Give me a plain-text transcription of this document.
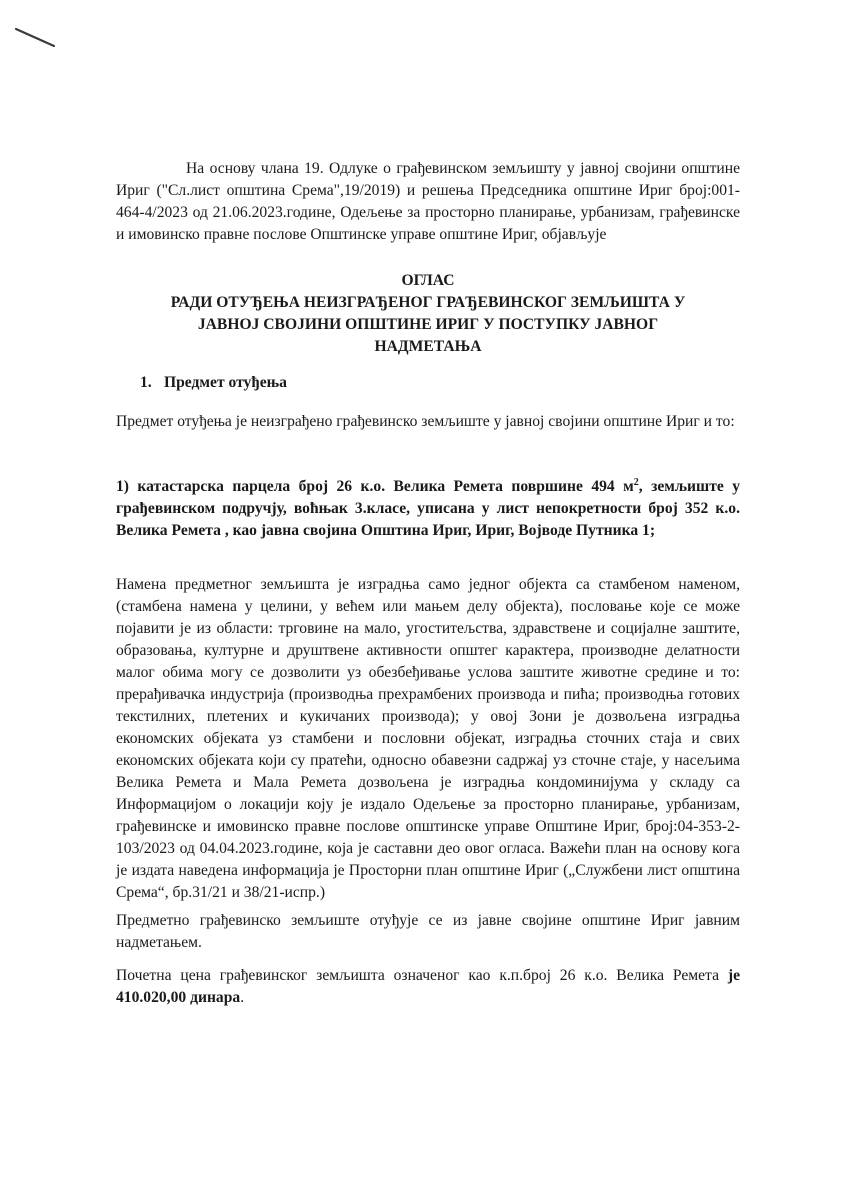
На основу члана 19. Одлуке о грађевинском земљишту у јавној својини општине Ириг ("Сл.лист општина Срема",19/2019) и решења Председника општине Ириг број:001-464-4/2023 од 21.06.2023.године, Одељење за просторно планирање, урбанизам, грађевинске и имовинско правне послове Општинске управе општине Ириг, објављује

ОГЛАС
РАДИ ОТУЂЕЊА НЕИЗГРАЂЕНОГ ГРАЂЕВИНСКОГ ЗЕМЉИШТА У
ЈАВНОЈ СВОЈИНИ ОПШТИНЕ ИРИГ У ПОСТУПКУ ЈАВНОГ
НАДМЕТАЊА
1. Предмет отуђења

Предмет отуђења је неизграђено грађевинско земљиште у јавној својини општине Ириг и то:

1) катастарска парцела број 26 к.о. Велика Ремета површине 494 $м^2$, земљиште у грађевинском подручју, воћњак 3.класе, уписана у лист непокретности број 352 к.о. Велика Ремета , као јавна својина Општина Ириг, Ириг, Војводе Путника 1;

Намена предметног земљишта је изградња само једног објекта са стамбеном наменом, (стамбена намена у целини, у већем или мањем делу објекта), пословање које се може појавити је из области: трговине на мало, угоститељства, здравствене и социјалне заштите, образовања, културне и друштвене активности општег карактера, производне делатности малог обима могу се дозволити уз обезбеђивање услова заштите животне средине и то: прерађивачка индустрија (производња прехрамбених производа и пића; производња готових текстилних, плетених и кукичаних производа); у овој Зони је дозвољена изградња економских објеката уз стамбени и пословни објекат, изградња сточних стаја и свих економских објеката који су пратећи, односно обавезни садржај уз сточне стаје, у насељима Велика Ремета и Мала Ремета дозвољена је изградња кондоминијума у складу са Информацијом о локацији коју је издало Одељење за просторно планирање, урбанизам, грађевинске и имовинско правне послове општинске управе Општине Ириг, број:04-353-2-103/2023 од 04.04.2023.године, која је саставни део овог огласа. Важећи план на основу кога је издата наведена информација је Просторни план општине Ириг („Службени лист општина Срема“, бр.31/21 и 38/21-испр.)

Предметно грађевинско земљиште отуђује се из јавне својине општине Ириг јавним надметањем.

Почетна цена грађевинског земљишта означеног као к.п.број 26 к.о. Велика Ремета је 410.020,00 динара.
